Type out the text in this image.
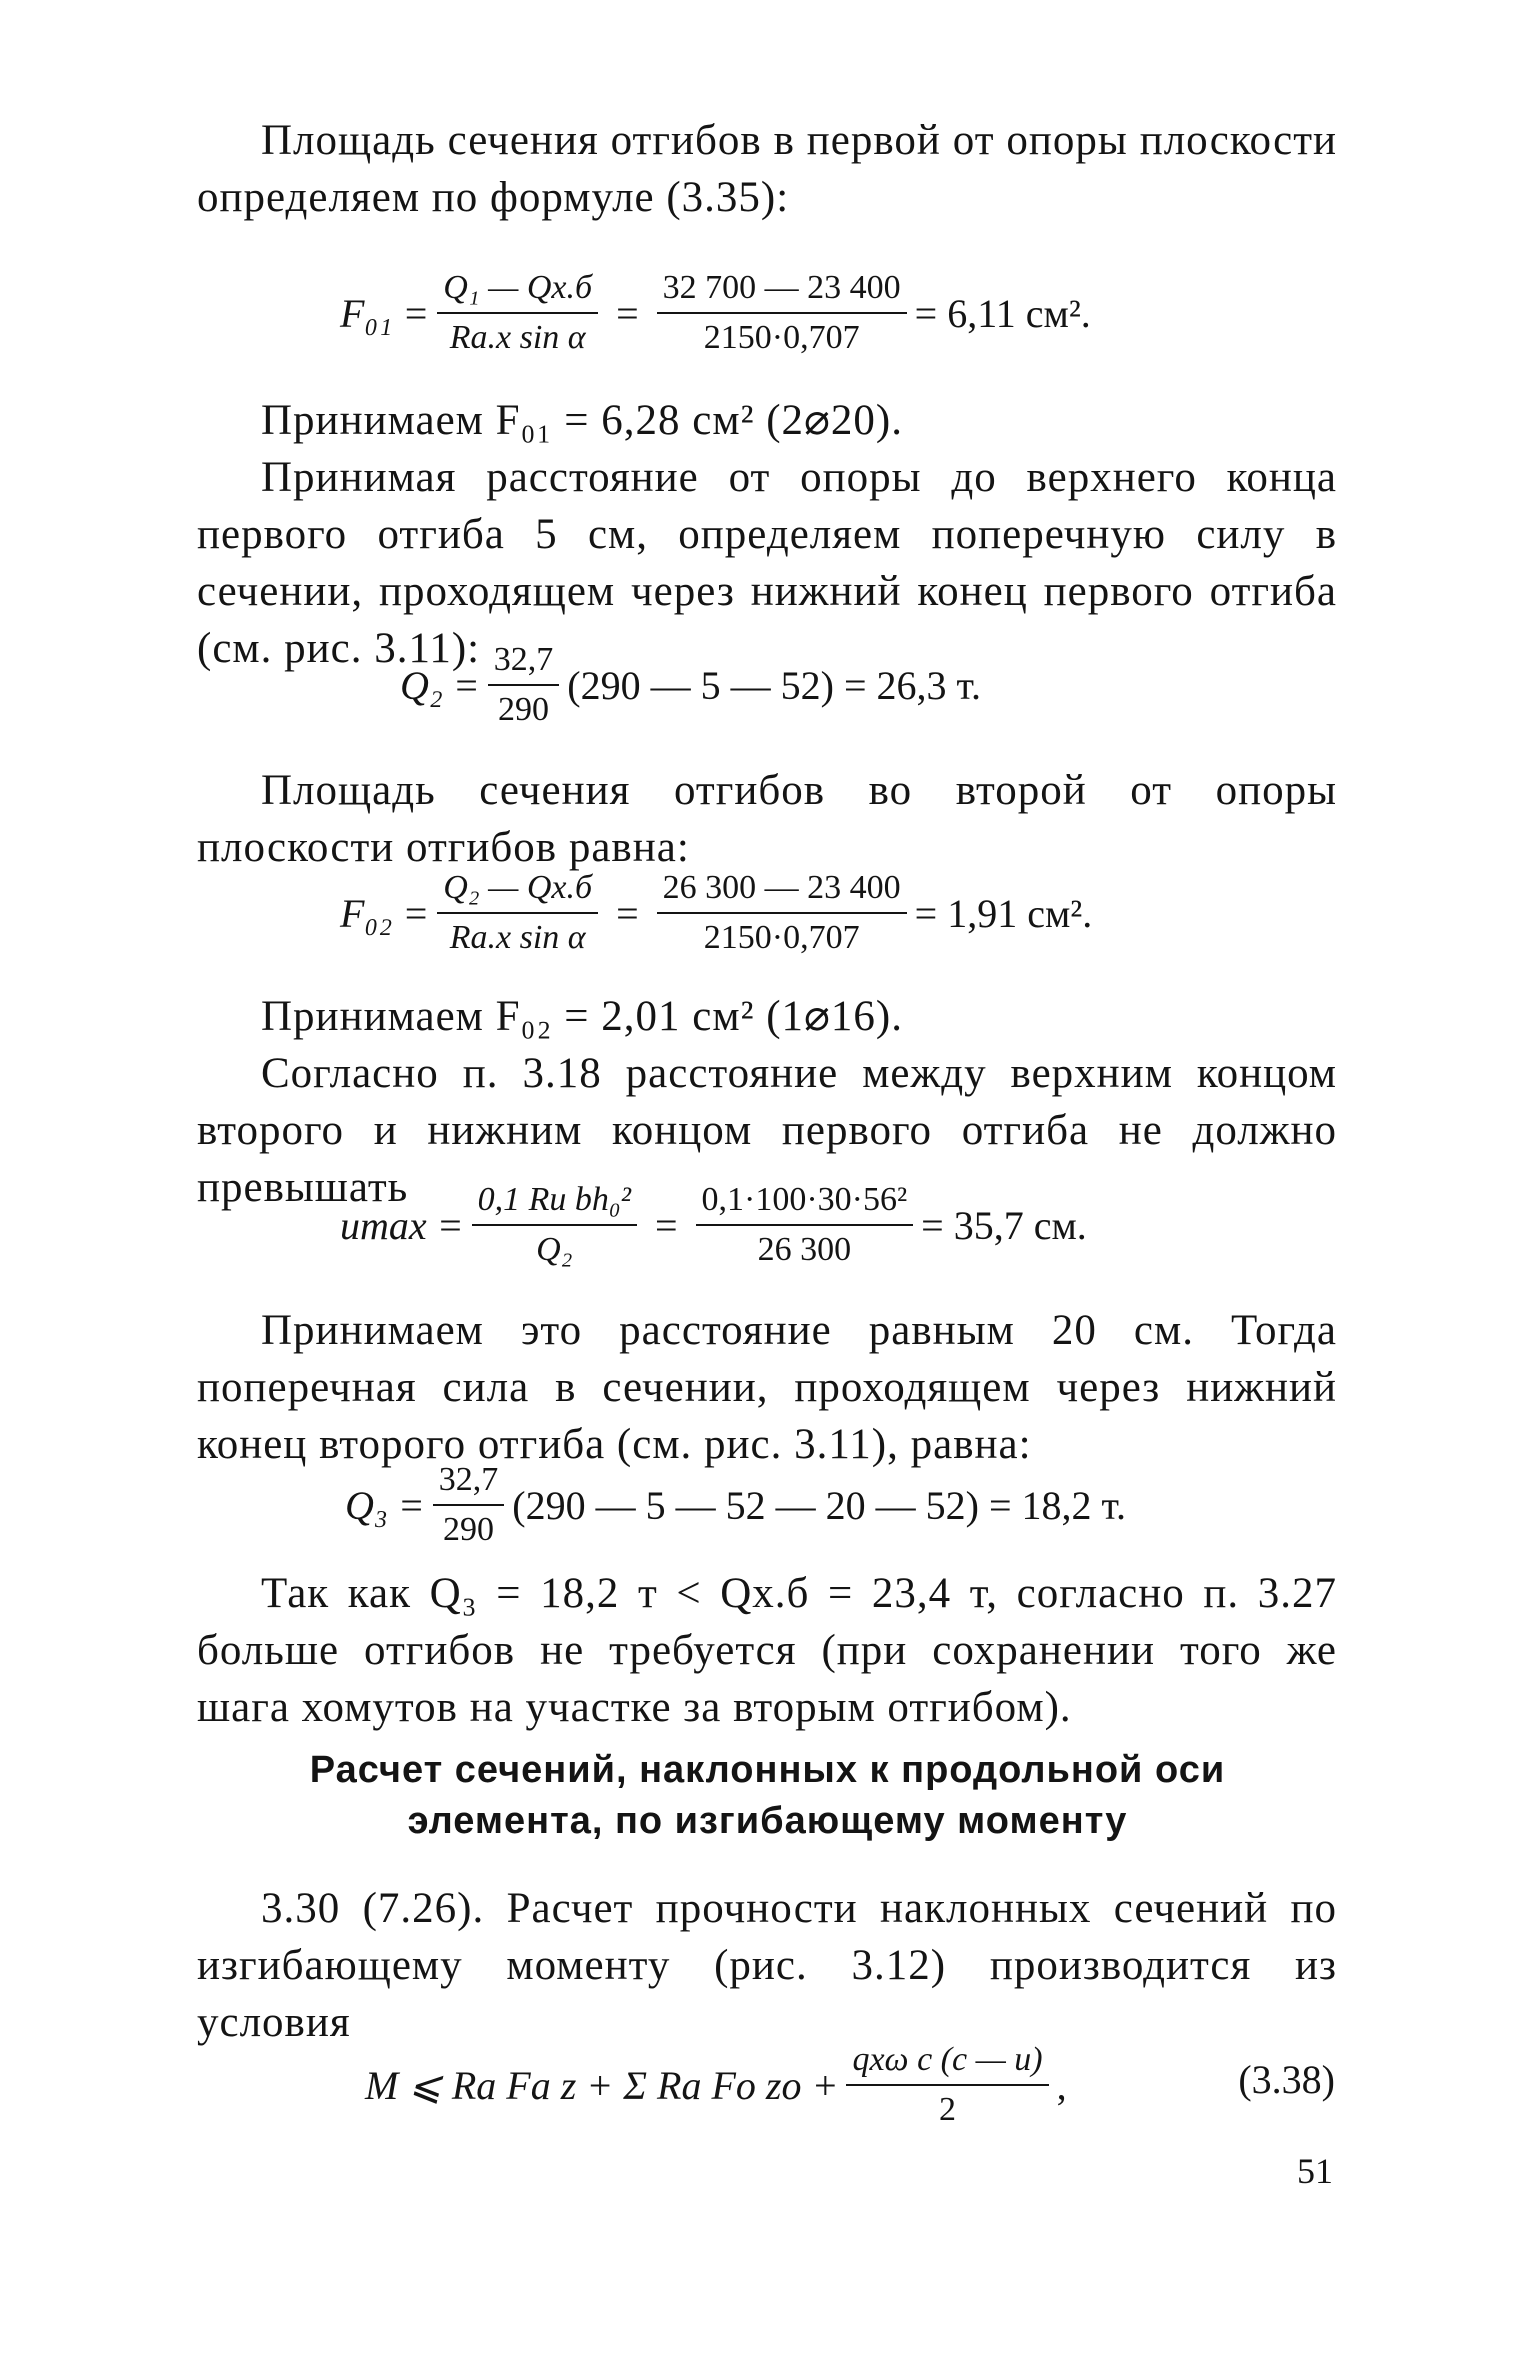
Площадь сечения отгибов в первой от опоры плоскости определяем по формуле (3.35):

$F_{01} = \frac{\text{Q₁ — Qх.б}}{\text{Rа.х sin α}} = \frac{32 700 — 23 400}{2150\cdot 0,707} = 6,11$ см².

Принимаем F₀₁ = 6,28 см² (2⌀20).

Принимая расстояние от опоры до верхнего конца первого отгиба 5 см, определяем поперечную силу в сечении, проходящем через нижний конец первого отгиба (см. рис. 3.11):

$Q_2 = \frac{32,7}{290} (290$ — 5 — 52) = 26,3 т.

Площадь сечения отгибов во второй от опоры плоскости отгибов равна:

$F_{02} = \frac{\text{Q₂ — Qх.б}}{\text{Rа.х sin α}} = \frac{26 300 — 23 400}{2150\cdot 0,707} = 1,91$ см².

Принимаем F₀₂ = 2,01 см² (1⌀16).

Согласно п. 3.18 расстояние между верхним концом второго и нижним концом первого отгиба не должно превышать

$umax = \frac{\text{0,1 Rи bh₀²}}{\text{Q₂}} = \frac{\text{0,1·100·30·56²}}{26 300} = 35,7$ см.

Принимаем это расстояние равным 20 см. Тогда поперечная сила в сечении, проходящем через нижний конец второго отгиба (см. рис. 3.11), равна:

$Q_3 = \frac{32,7}{290} (290$ — 5 — 52 — 20 — 52) = 18,2 т.

Так как Q₃ = 18,2 т < Qх.б = 23,4 т, согласно п. 3.27 больше отгибов не требуется (при сохранении того же шага хомутов на участке за вторым отгибом).

Расчет сечений, наклонных к продольной оси элемента, по изгибающему моменту

3.30 (7.26). Расчет прочности наклонных сечений по изгибающему моменту (рис. 3.12) производится из условия

M ⩽ Rа Fа z + Σ Rа Fо zо + $\frac{\text{qхω c (c — u)}}{2}$ ,	(3.38)
51
